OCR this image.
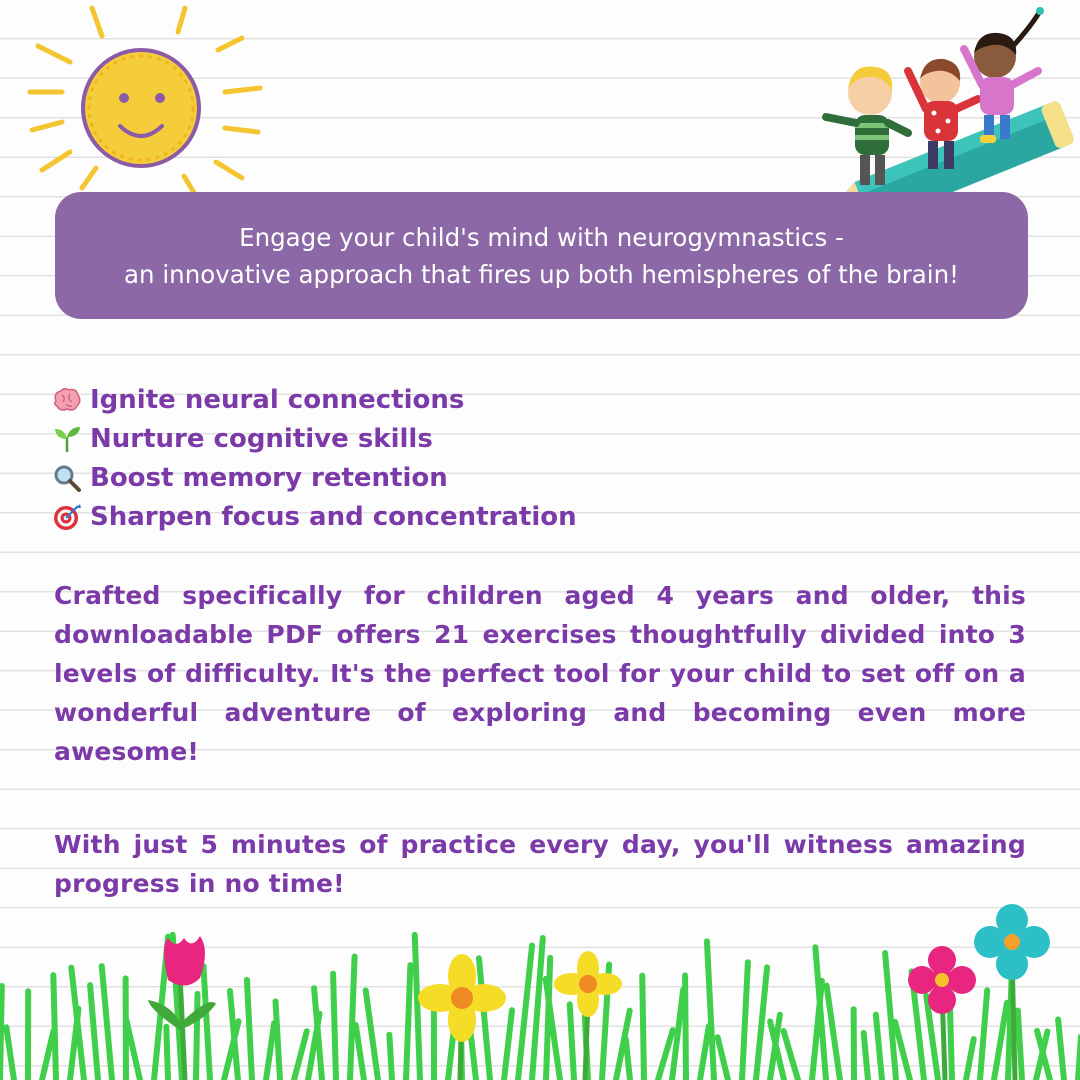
Engage your child's mind with neurogymnastics -
an innovative approach that fires up both hemispheres of the brain!
Ignite neural connections
Nurture cognitive skills
Boost memory retention
Sharpen focus and concentration
Crafted specifically for children aged 4 years and older, this downloadable PDF offers 21 exercises thoughtfully divided into 3 levels of difficulty. It's the perfect tool for your child to set off on a wonderful adventure of exploring and becoming even more awesome!
With just 5 minutes of practice every day, you'll witness amazing progress in no time!
